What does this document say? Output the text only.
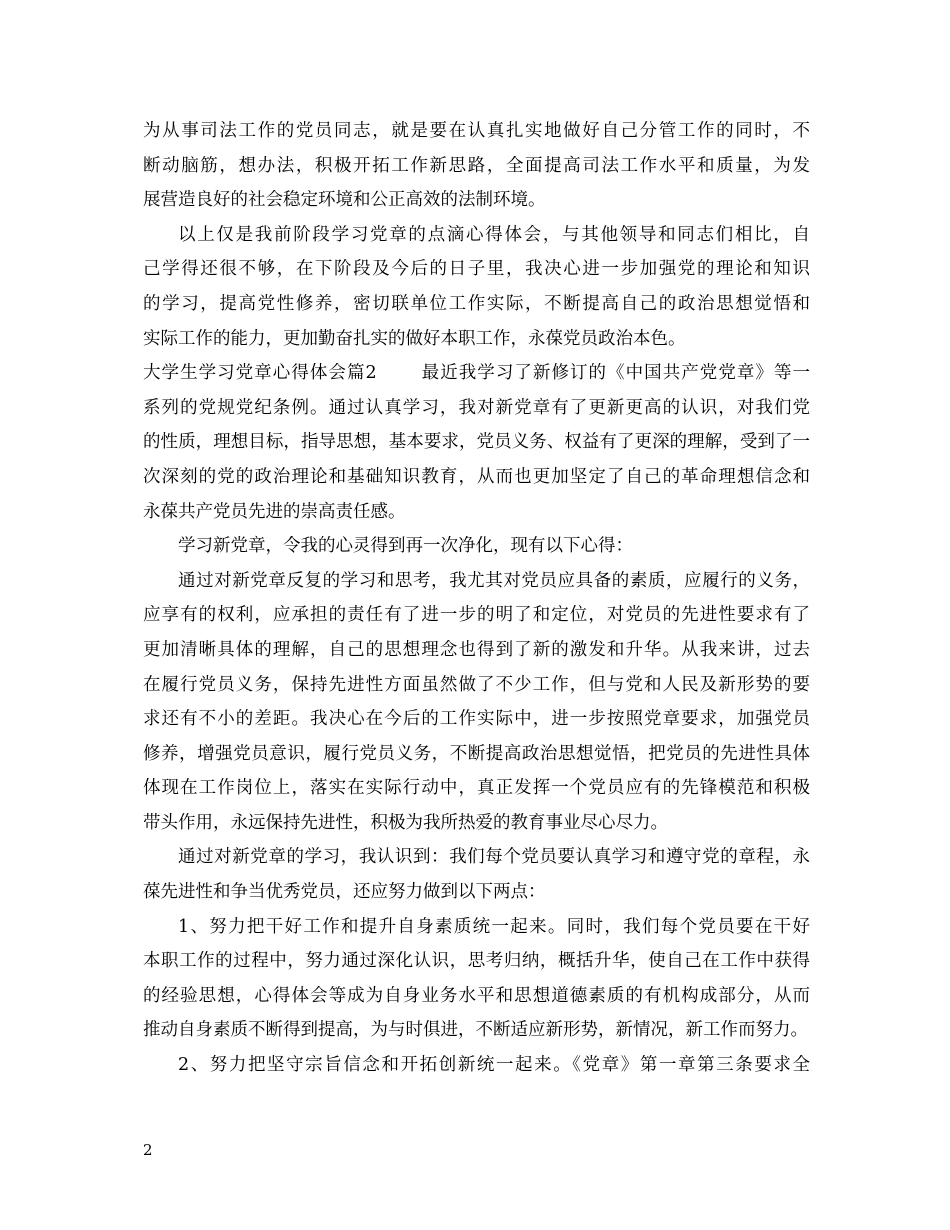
为从事司法工作的党员同志，就是要在认真扎实地做好自己分管工作的同时，不
断动脑筋，想办法，积极开拓工作新思路，全面提高司法工作水平和质量，为发
展营造良好的社会稳定环境和公正高效的法制环境。
以上仅是我前阶段学习党章的点滴心得体会，与其他领导和同志们相比，自
己学得还很不够，在下阶段及今后的日子里，我决心进一步加强党的理论和知识
的学习，提高党性修养，密切联单位工作实际，不断提高自己的政治思想觉悟和
实际工作的能力，更加勤奋扎实的做好本职工作，永葆党员政治本色。
大学生学习党章心得体会篇2	最近我学习了新修订的《中国共产党党章》等一
系列的党规党纪条例。通过认真学习，我对新党章有了更新更高的认识，对我们党
的性质，理想目标，指导思想，基本要求，党员义务、权益有了更深的理解，受到了一
次深刻的党的政治理论和基础知识教育，从而也更加坚定了自己的革命理想信念和
永葆共产党员先进的崇高责任感。
学习新党章，令我的心灵得到再一次净化，现有以下心得：
通过对新党章反复的学习和思考，我尤其对党员应具备的素质，应履行的义务，
应享有的权利，应承担的责任有了进一步的明了和定位，对党员的先进性要求有了
更加清晰具体的理解，自己的思想理念也得到了新的激发和升华。从我来讲，过去
在履行党员义务，保持先进性方面虽然做了不少工作，但与党和人民及新形势的要
求还有不小的差距。我决心在今后的工作实际中，进一步按照党章要求，加强党员
修养，增强党员意识，履行党员义务，不断提高政治思想觉悟，把党员的先进性具体
体现在工作岗位上，落实在实际行动中，真正发挥一个党员应有的先锋模范和积极
带头作用，永远保持先进性，积极为我所热爱的教育事业尽心尽力。
通过对新党章的学习，我认识到：我们每个党员要认真学习和遵守党的章程，永
葆先进性和争当优秀党员，还应努力做到以下两点：
1、努力把干好工作和提升自身素质统一起来。同时，我们每个党员要在干好
本职工作的过程中，努力通过深化认识，思考归纳，概括升华，使自己在工作中获得
的经验思想，心得体会等成为自身业务水平和思想道德素质的有机构成部分，从而
推动自身素质不断得到提高，为与时俱进，不断适应新形势，新情况，新工作而努力。
2、努力把坚守宗旨信念和开拓创新统一起来。《党章》第一章第三条要求全
2
